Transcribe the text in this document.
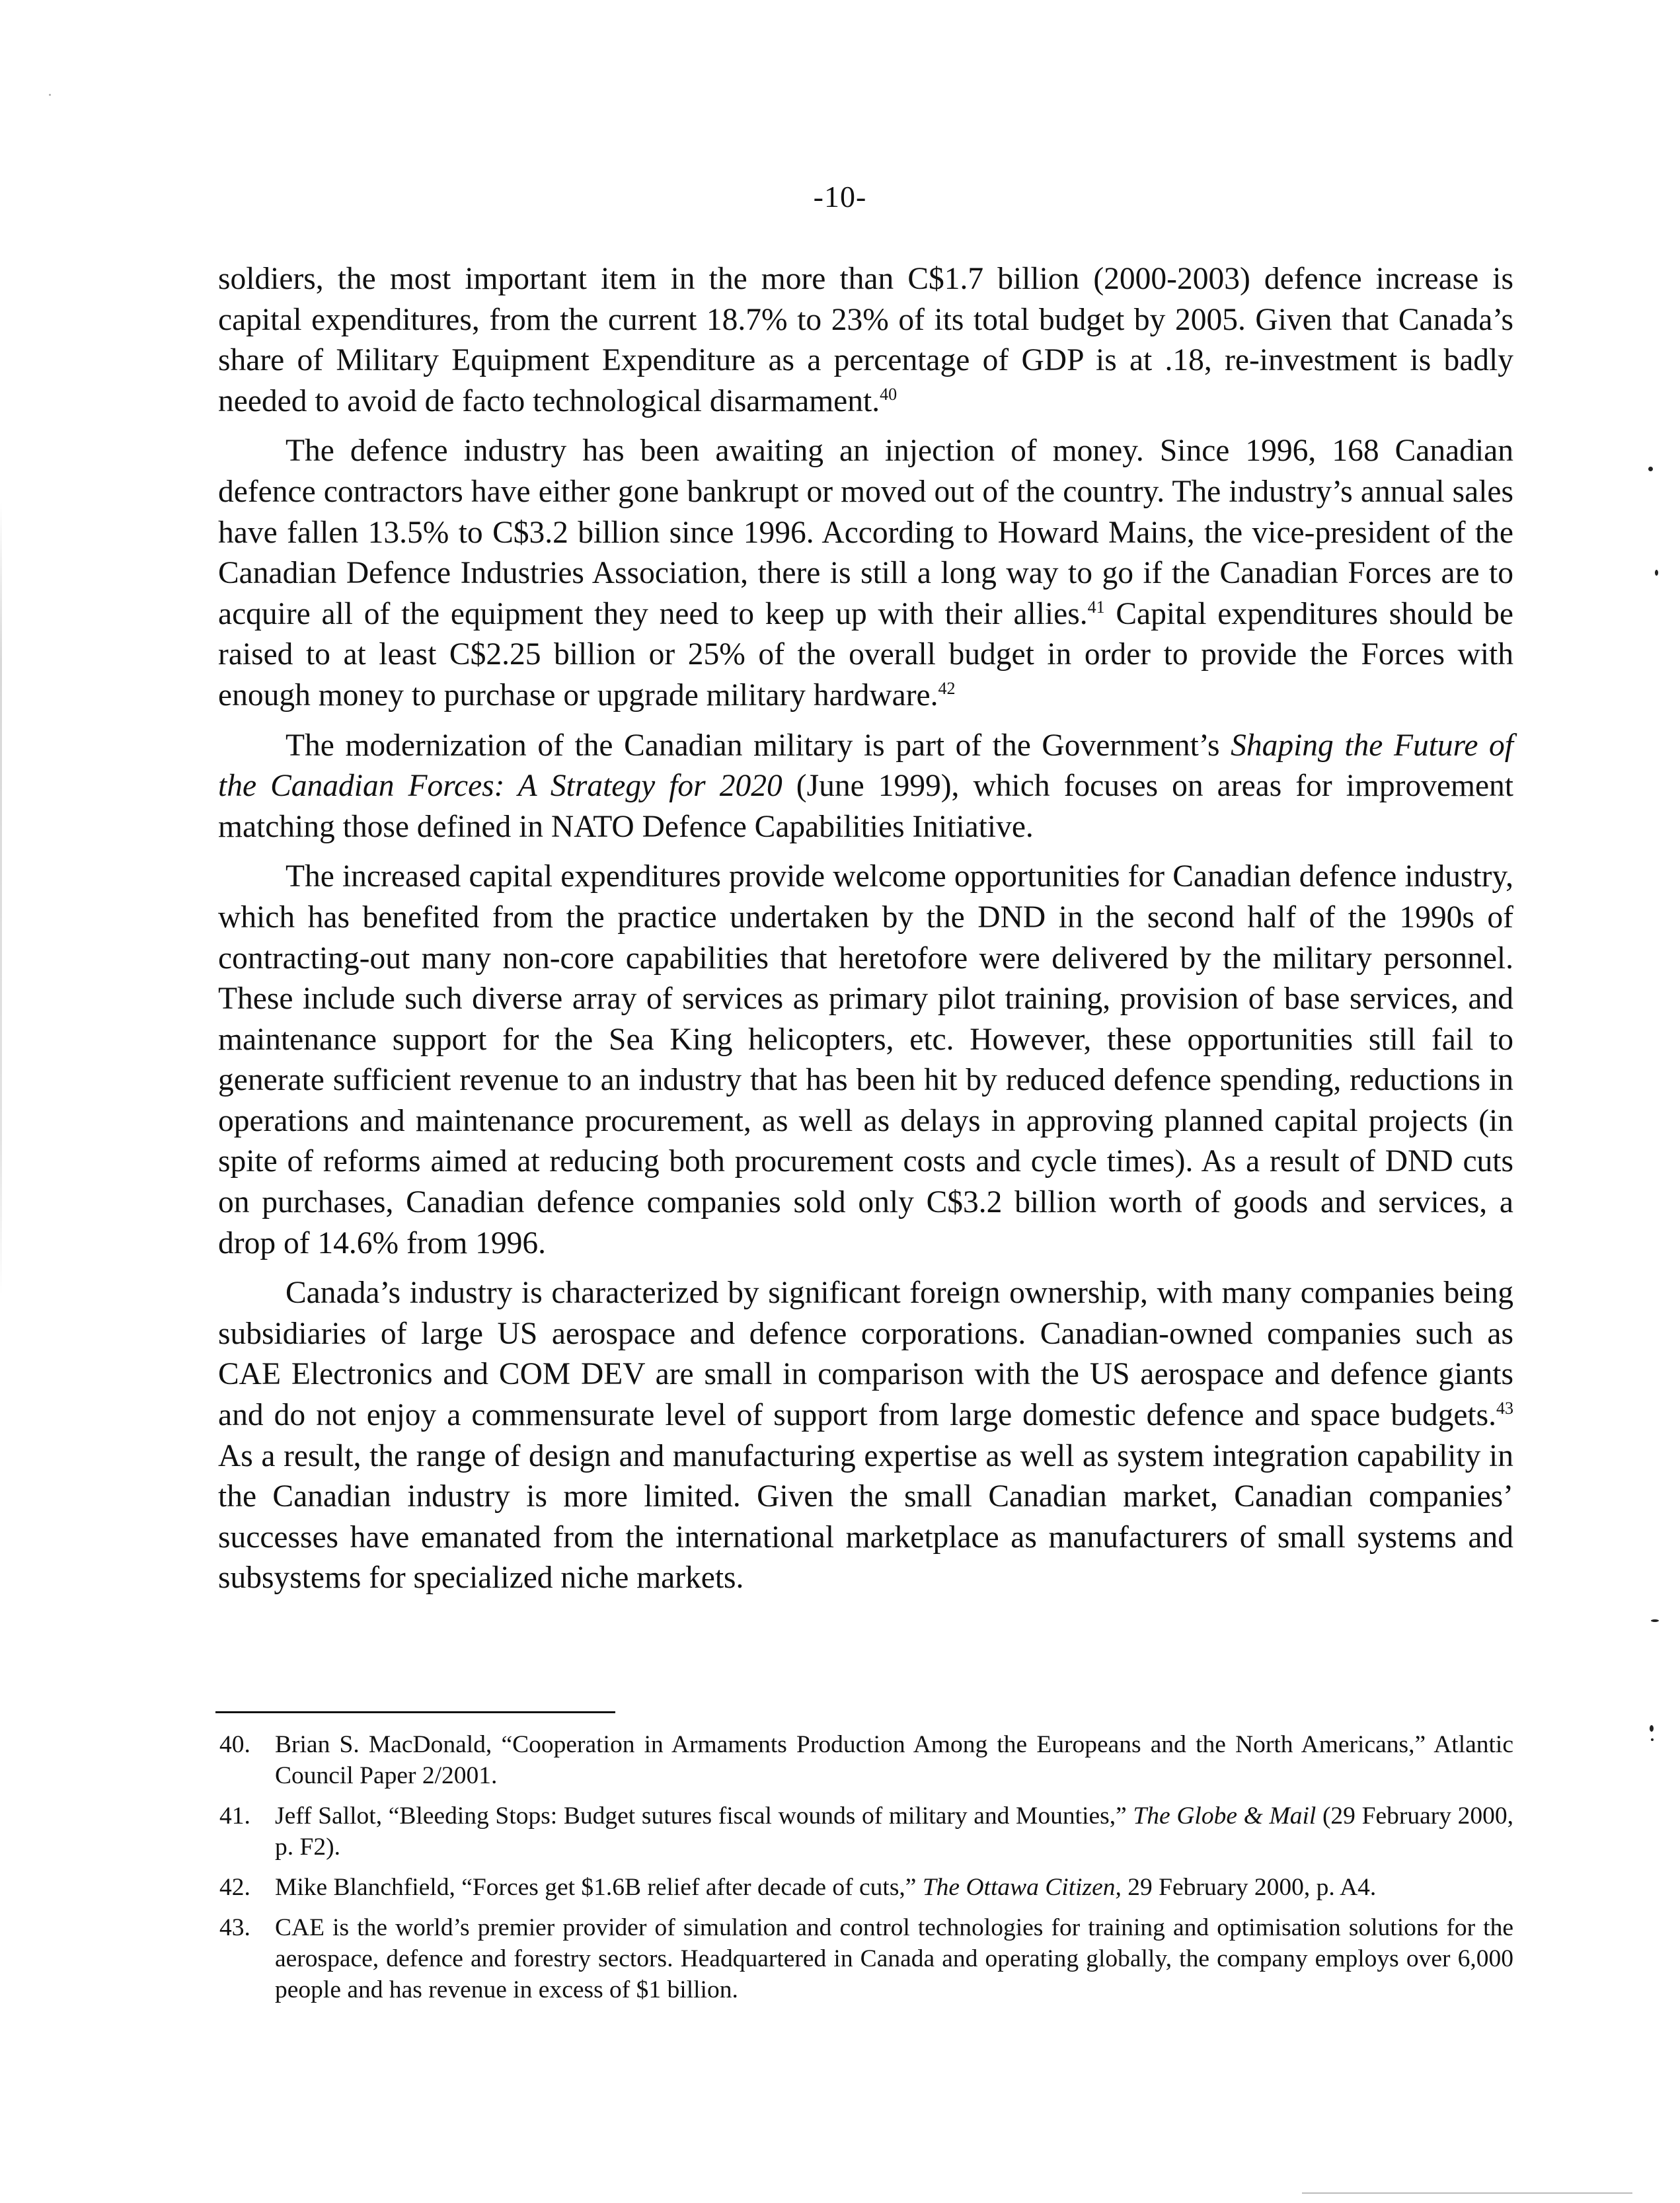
-10-

soldiers, the most important item in the more than C$1.7 billion (2000-2003) defence increase is capital expenditures, from the current 18.7% to 23% of its total budget by 2005. Given that Canada’s share of Military Equipment Expenditure as a percentage of GDP is at .18, re-investment is badly needed to avoid de facto technological disarmament.$^{40}$

The defence industry has been awaiting an injection of money. Since 1996, 168 Canadian defence contractors have either gone bankrupt or moved out of the country. The industry’s annual sales have fallen 13.5% to C$3.2 billion since 1996. According to Howard Mains, the vice-president of the Canadian Defence Industries Association, there is still a long way to go if the Canadian Forces are to acquire all of the equipment they need to keep up with their allies.$^{41}$ Capital expenditures should be raised to at least C$2.25 billion or 25% of the overall budget in order to provide the Forces with enough money to purchase or upgrade military hardware.$^{42}$

The modernization of the Canadian military is part of the Government’s Shaping the Future of the Canadian Forces: A Strategy for 2020 (June 1999), which focuses on areas for improvement matching those defined in NATO Defence Capabilities Initiative.

The increased capital expenditures provide welcome opportunities for Canadian defence industry, which has benefited from the practice undertaken by the DND in the second half of the 1990s of contracting-out many non-core capabilities that heretofore were delivered by the military personnel. These include such diverse array of services as primary pilot training, provision of base services, and maintenance support for the Sea King helicopters, etc. However, these opportunities still fail to generate sufficient revenue to an industry that has been hit by reduced defence spending, reductions in operations and maintenance procurement, as well as delays in approving planned capital projects (in spite of reforms aimed at reducing both procurement costs and cycle times). As a result of DND cuts on purchases, Canadian defence companies sold only C$3.2 billion worth of goods and services, a drop of 14.6% from 1996.

Canada’s industry is characterized by significant foreign ownership, with many companies being subsidiaries of large US aerospace and defence corporations. Canadian-owned companies such as CAE Electronics and COM DEV are small in comparison with the US aerospace and defence giants and do not enjoy a commensurate level of support from large domestic defence and space budgets.$^{43}$ As a result, the range of design and manufacturing expertise as well as system integration capability in the Canadian industry is more limited. Given the small Canadian market, Canadian companies’ successes have emanated from the international marketplace as manufacturers of small systems and subsystems for specialized niche markets.

40. Brian S. MacDonald, “Cooperation in Armaments Production Among the Europeans and the North Americans,” Atlantic Council Paper 2/2001.
41. Jeff Sallot, “Bleeding Stops: Budget sutures fiscal wounds of military and Mounties,” The Globe & Mail (29 February 2000, p. F2).
42. Mike Blanchfield, “Forces get $1.6B relief after decade of cuts,” The Ottawa Citizen, 29 February 2000, p. A4.
43. CAE is the world’s premier provider of simulation and control technologies for training and optimisation solutions for the aerospace, defence and forestry sectors. Headquartered in Canada and operating globally, the company employs over 6,000 people and has revenue in excess of $1 billion.
